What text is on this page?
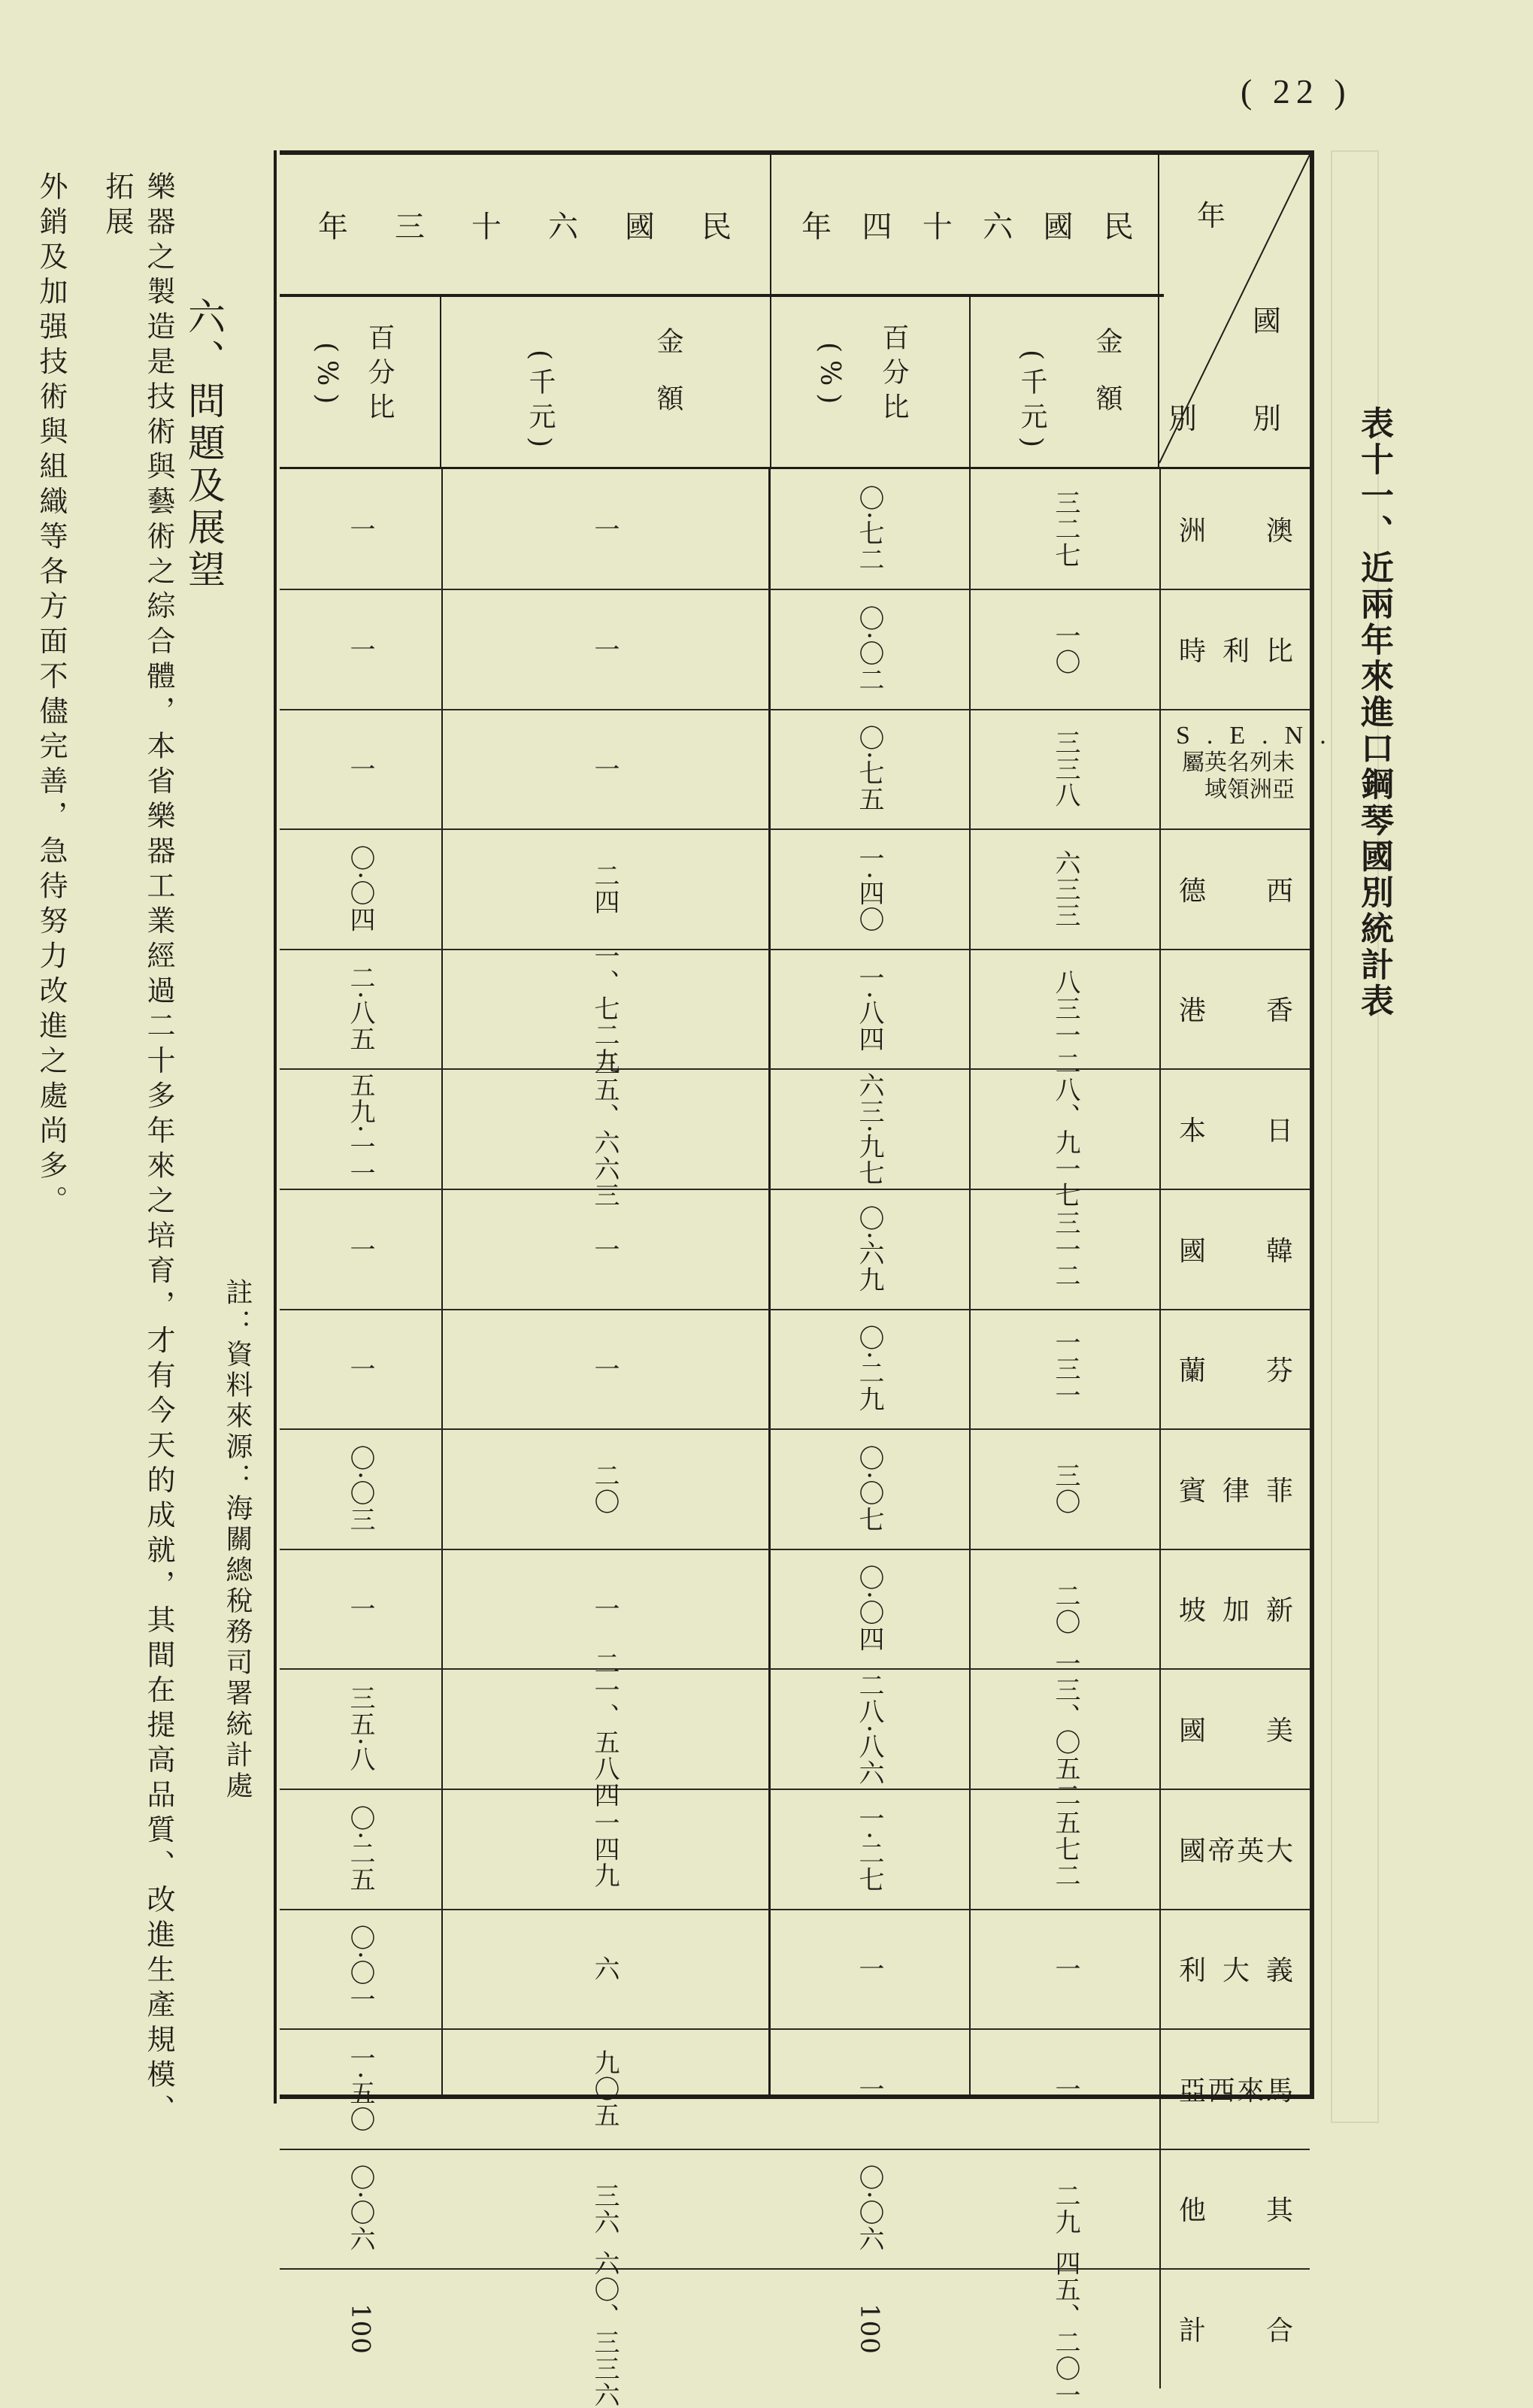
( 22 )
表十一、近兩年來進口鋼琴國別統計表
年
國
別 別
民
國
六
十
四
年
金額
(千元)
百分比
(%)
民
國
六
十
三
年
金額
(千元)
百分比
(%)
澳
洲
三二七
〇·七二
一
一
比
利
時
一〇
〇·〇二
一
一
S.E.N.
屬英名列未
域領洲亞
三三八
〇·七五
一
一
西
德
六三三
一·四〇
二四
〇·〇四
香
港
八三一
一·八四
一、七二九
二·八五
日
本
二八、九一七
六三·九七
三五、六六三
五九·一一
韓
國
三一二
〇·六九
一
一
芬
蘭
一三一
〇·二九
一
一
菲
律
賓
三〇
〇·〇七
二〇
〇·〇三
新
加
坡
二〇
〇·〇四
一
一
美
國
一三、〇五二
二八·八六
二一、五八四
三五·八
大
英
帝
國
五七二
一·二七
一四九
〇·二五
義
大
利
一
一
六
〇·〇一
馬
來
西
亞
一
一
九〇五
一·五〇
其
他
二九
〇·〇六
三六
〇·〇六
合
計
四五、二〇一
100
六〇、三三六
100
六、問題及展望
樂器之製造是技術與藝術之綜合體，本省樂器工業經過二十多年來之培育，才有今天的成就，其間在提高品質、改進生產規模、拓展
外銷及加强技術與組織等各方面不儘完善，急待努力改進之處尚多。
註：資料來源：海關總稅務司署統計處
